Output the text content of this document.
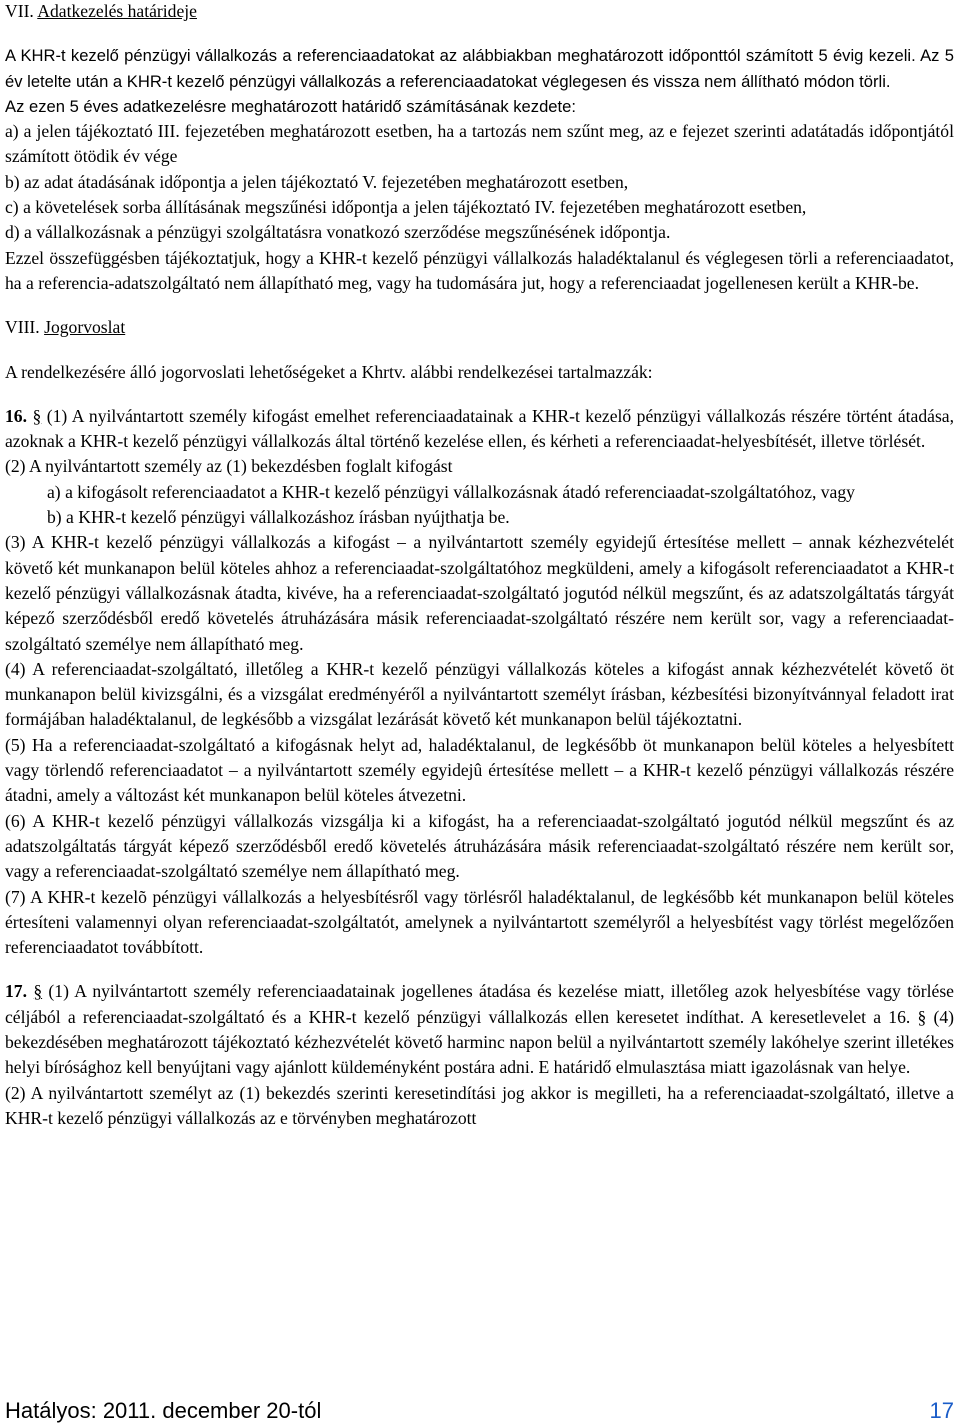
VII. Adatkezelés határideje

A KHR-t kezelő pénzügyi vállalkozás a referenciaadatokat az alábbiakban meghatározott időponttól számított 5 évig kezeli. Az 5 év letelte után a KHR-t kezelő pénzügyi vállalkozás a referenciaadatokat véglegesen és vissza nem állítható módon törli.

Az ezen 5 éves adatkezelésre meghatározott határidő számításának kezdete:

a) a jelen tájékoztató III. fejezetében meghatározott esetben, ha a tartozás nem szűnt meg, az e fejezet szerinti adatátadás időpontjától számított ötödik év vége

b) az adat átadásának időpontja a jelen tájékoztató V. fejezetében meghatározott esetben,

c) a követelések sorba állításának megszűnési időpontja a jelen tájékoztató IV. fejezetében meghatározott esetben,

d) a vállalkozásnak a pénzügyi szolgáltatásra vonatkozó szerződése megszűnésének időpontja.

Ezzel összefüggésben tájékoztatjuk, hogy a KHR-t kezelő pénzügyi vállalkozás haladéktalanul és véglegesen törli a referenciaadatot, ha a referencia-adatszolgáltató nem állapítható meg, vagy ha tudomására jut, hogy a referenciaadat jogellenesen került a KHR-be.

VIII. Jogorvoslat

A rendelkezésére álló jogorvoslati lehetőségeket a Khrtv. alábbi rendelkezései tartalmazzák:

16. § (1) A nyilvántartott személy kifogást emelhet referenciaadatainak a KHR-t kezelő pénzügyi vállalkozás részére történt átadása, azoknak a KHR-t kezelő pénzügyi vállalkozás által történő kezelése ellen, és kérheti a referenciaadat-helyesbítését, illetve törlését.

(2) A nyilvántartott személy az (1) bekezdésben foglalt kifogást

a) a kifogásolt referenciaadatot a KHR-t kezelő pénzügyi vállalkozásnak átadó referenciaadat-szolgáltatóhoz, vagy

b) a KHR-t kezelő pénzügyi vállalkozáshoz írásban nyújthatja be.

(3) A KHR-t kezelő pénzügyi vállalkozás a kifogást – a nyilvántartott személy egyidejű értesítése mellett – annak kézhezvételét követő két munkanapon belül köteles ahhoz a referenciaadat-szolgáltatóhoz megküldeni, amely a kifogásolt referenciaadatot a KHR-t kezelő pénzügyi vállalkozásnak átadta, kivéve, ha a referenciaadat-szolgáltató jogutód nélkül megszűnt, és az adatszolgáltatás tárgyát képező szerződésből eredő követelés átruházására másik referenciaadat-szolgáltató részére nem került sor, vagy a referenciaadat-szolgáltató személye nem állapítható meg.

(4) A referenciaadat-szolgáltató, illetőleg a KHR-t kezelő pénzügyi vállalkozás köteles a kifogást annak kézhezvételét követő öt munkanapon belül kivizsgálni, és a vizsgálat eredményéről a nyilvántartott személyt írásban, kézbesítési bizonyítvánnyal feladott irat formájában haladéktalanul, de legkésőbb a vizsgálat lezárását követő két munkanapon belül tájékoztatni.

(5) Ha a referenciaadat-szolgáltató a kifogásnak helyt ad, haladéktalanul, de legkésőbb öt munkanapon belül köteles a helyesbített vagy törlendő referenciaadatot – a nyilvántartott személy egyidejû értesítése mellett – a KHR-t kezelő pénzügyi vállalkozás részére átadni, amely a változást két munkanapon belül köteles átvezetni.

(6) A KHR-t kezelő pénzügyi vállalkozás vizsgálja ki a kifogást, ha a referenciaadat-szolgáltató jogutód nélkül megszűnt és az adatszolgáltatás tárgyát képező szerződésből eredő követelés átruházására másik referenciaadat-szolgáltató részére nem került sor, vagy a referenciaadat-szolgáltató személye nem állapítható meg.

(7) A KHR-t kezelõ pénzügyi vállalkozás a helyesbítésről vagy törlésről haladéktalanul, de legkésőbb két munkanapon belül köteles értesíteni valamennyi olyan referenciaadat-szolgáltatót, amelynek a nyilvántartott személyről a helyesbítést vagy törlést megelőzően referenciaadatot továbbított.

17. § (1) A nyilvántartott személy referenciaadatainak jogellenes átadása és kezelése miatt, illetőleg azok helyesbítése vagy törlése céljából a referenciaadat-szolgáltató és a KHR-t kezelő pénzügyi vállalkozás ellen keresetet indíthat. A keresetlevelet a 16. § (4) bekezdésében meghatározott tájékoztató kézhezvételét követő harminc napon belül a nyilvántartott személy lakóhelye szerint illetékes helyi bírósághoz kell benyújtani vagy ajánlott küldeményként postára adni. E határidő elmulasztása miatt igazolásnak van helye.

(2) A nyilvántartott személyt az (1) bekezdés szerinti keresetindítási jog akkor is megilleti, ha a referenciaadat-szolgáltató, illetve a KHR-t kezelő pénzügyi vállalkozás az e törvényben meghatározott

Hatályos: 2011. december 20-tól	17
